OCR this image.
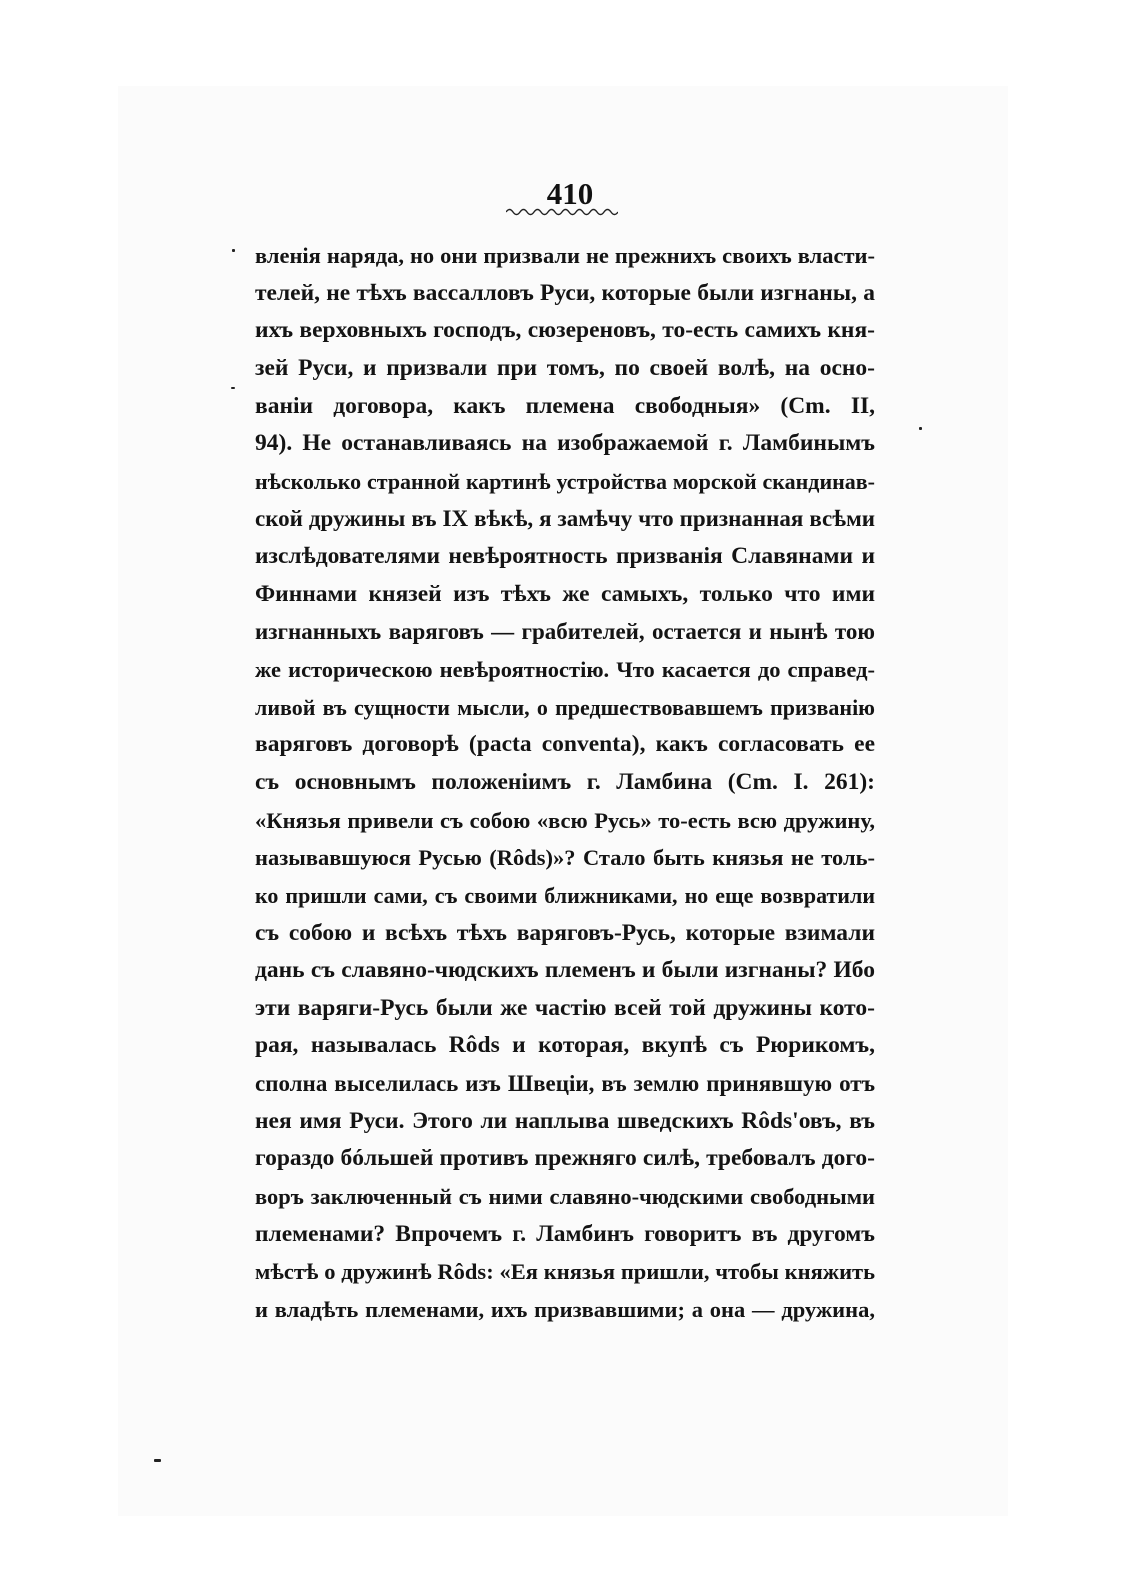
410
вленія наряда, но они призвали не прежнихъ своихъ власти-
телей, не тѣхъ вассалловъ Руси, которые были изгнаны, а
ихъ верховныхъ господъ, сюзереновъ, то-есть самихъ кня-
зей Руси, и призвали при томъ, по своей волѣ, на осно-
ваніи договора, какъ племена свободныя» (Cm. II,
94). Не останавливаясь на изображаемой г. Ламбинымъ
нѣсколько странной картинѣ устройства морской скандинав-
ской дружины въ IX вѣкѣ, я замѣчу что признанная всѣми
изслѣдователями невѣроятность призванія Славянами и
Финнами князей изъ тѣхъ же самыхъ, только что ими
изгнанныхъ варяговъ — грабителей, остается и нынѣ тою
же историческою невѣроятностію. Что касается до справед-
ливой въ сущности мысли, о предшествовавшемъ призванію
варяговъ договорѣ (pacta conventa), какъ согласовать ее
съ основнымъ положеніимъ г. Ламбина (Cm. I. 261):
«Князья привели съ собою «всю Русь» то-есть всю дружину,
называвшуюся Русью (Rôds)»? Стало быть князья не толь-
ко пришли сами, съ своими ближниками, но еще возвратили
съ собою и всѣхъ тѣхъ варяговъ-Русь, которые взимали
дань съ славяно-чюдскихъ племенъ и были изгнаны? Ибо
эти варяги-Русь были же частію всей той дружины кото-
рая, называлась Rôds и которая, вкупѣ съ Рюрикомъ,
сполна выселилась изъ Швеціи, въ землю принявшую отъ
нея имя Руси. Этого ли наплыва шведскихъ Rôds'овъ, въ
гораздо бóльшей противъ прежняго силѣ, требовалъ дого-
воръ заключенный съ ними славяно-чюдскими свободными
племенами? Впрочемъ г. Ламбинъ говоритъ въ другомъ
мѣстѣ о дружинѣ Rôds: «Ея князья пришли, чтобы княжить
и владѣть племенами, ихъ призвавшими; а она — дружина,
